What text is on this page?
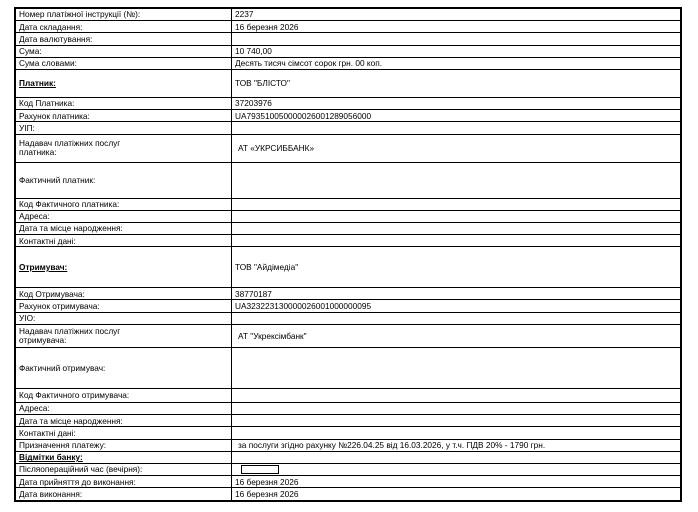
Номер платіжної інструкції (№):	2237
Дата складання:	16 березня 2026
Дата валютування:	
Сума:	10 740,00
Сума словами:	Десять тисяч сімсот сорок грн. 00 коп.
Платник:	ТОВ "БЛІСТО"
Код Платника:	37203976
Рахунок платника:	UA793510050000026001289056000
УІП:	
Надавач платіжних послуг платника:	АТ «УКРСИББАНК»
Фактичний платник:	
Код Фактичного платника:	
Адреса:	
Дата та місце народження:	
Контактні дані:	
Отримувач:	ТОВ "Айдімедіа"
Код Отримувача:	38770187
Рахунок отримувача:	UA323223130000026001000000095
УІО:	
Надавач платіжних послуг отримувача:	АТ "Укрексімбанк"
Фактичний отримувач:	
Код Фактичного отримувача:	
Адреса:	
Дата та місце народження:	
Контактні дані:	
Призначення платежу:	за послуги згідно рахунку №226.04.25 від 16.03.2026, у т.ч. ПДВ 20% - 1790 грн.
Відмітки банку:	
Післяопераційний час (вечірня):	
Дата прийняття до виконання:	16 березня 2026
Дата виконання:	16 березня 2026
